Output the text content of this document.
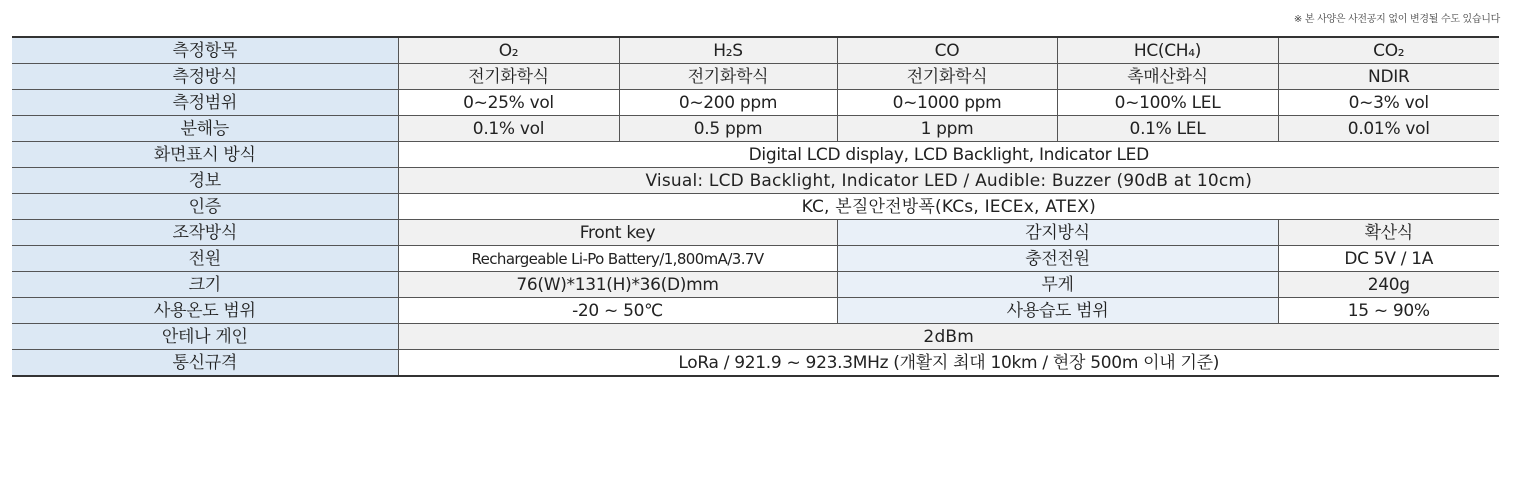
※ 본 사양은 사전공지 없이 변경될 수도 있습니다
측정항목	O₂	H₂S	CO	HC(CH₄)	CO₂
측정방식	전기화학식	전기화학식	전기화학식	촉매산화식	NDIR
측정범위	0~25% vol	0~200 ppm	0~1000 ppm	0~100% LEL	0~3% vol
분해능	0.1% vol	0.5 ppm	1 ppm	0.1% LEL	0.01% vol
화면표시 방식	Digital LCD display, LCD Backlight, Indicator LED				
경보	Visual: LCD Backlight, Indicator LED / Audible: Buzzer (90dB at 10cm)				
인증	KC, 본질안전방폭(KCs, IECEx, ATEX)				
조작방식	Front key		감지방식		확산식
전원	Rechargeable Li-Po Battery/1,800mA/3.7V		충전전원		DC 5V / 1A
크기	76(W)*131(H)*36(D)mm		무게		240g
사용온도 범위	-20 ~ 50℃		사용습도 범위		15 ~ 90%
안테나 게인	2dBm				
통신규격	LoRa / 921.9 ~ 923.3MHz (개활지 최대 10km / 현장 500m 이내 기준)				
